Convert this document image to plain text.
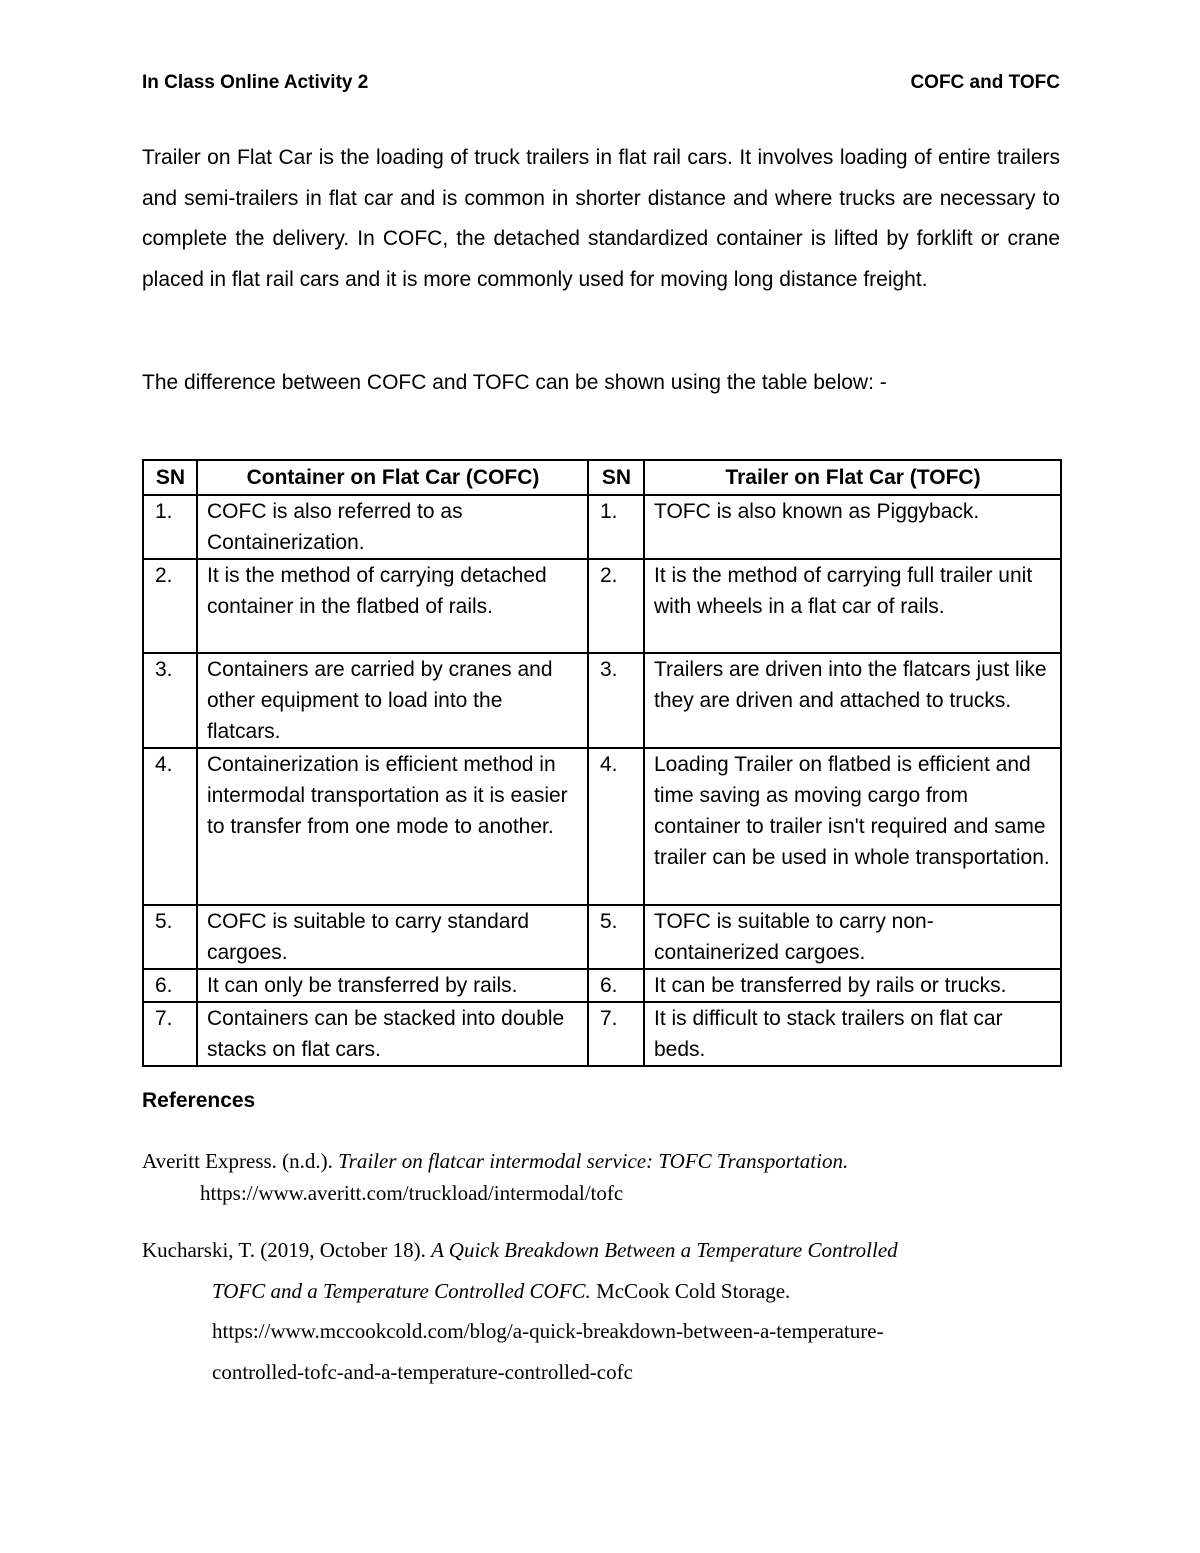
In Class Online Activity 2	COFC and TOFC

Trailer on Flat Car is the loading of truck trailers in flat rail cars. It involves loading of entire trailers and semi-trailers in flat car and is common in shorter distance and where trucks are necessary to complete the delivery. In COFC, the detached standardized container is lifted by forklift or crane placed in flat rail cars and it is more commonly used for moving long distance freight.

The difference between COFC and TOFC can be shown using the table below: -

SN	Container on Flat Car (COFC)	SN	Trailer on Flat Car (TOFC)
1.	COFC is also referred to as Containerization.	1.	TOFC is also known as Piggyback.
2.	It is the method of carrying detached container in the flatbed of rails.	2.	It is the method of carrying full trailer unit with wheels in a flat car of rails.
3.	Containers are carried by cranes and other equipment to load into the flatcars.	3.	Trailers are driven into the flatcars just like they are driven and attached to trucks.
4.	Containerization is efficient method in intermodal transportation as it is easier to transfer from one mode to another.	4.	Loading Trailer on flatbed is efficient and time saving as moving cargo from container to trailer isn't required and same trailer can be used in whole transportation.
5.	COFC is suitable to carry standard cargoes.	5.	TOFC is suitable to carry non-containerized cargoes.
6.	It can only be transferred by rails.	6.	It can be transferred by rails or trucks.
7.	Containers can be stacked into double stacks on flat cars.	7.	It is difficult to stack trailers on flat car beds.

References

Averitt Express. (n.d.). Trailer on flatcar intermodal service: TOFC Transportation.
https://www.averitt.com/truckload/intermodal/tofc

Kucharski, T. (2019, October 18). A Quick Breakdown Between a Temperature Controlled
TOFC and a Temperature Controlled COFC. McCook Cold Storage.
https://www.mccookcold.com/blog/a-quick-breakdown-between-a-temperature-
controlled-tofc-and-a-temperature-controlled-cofc
